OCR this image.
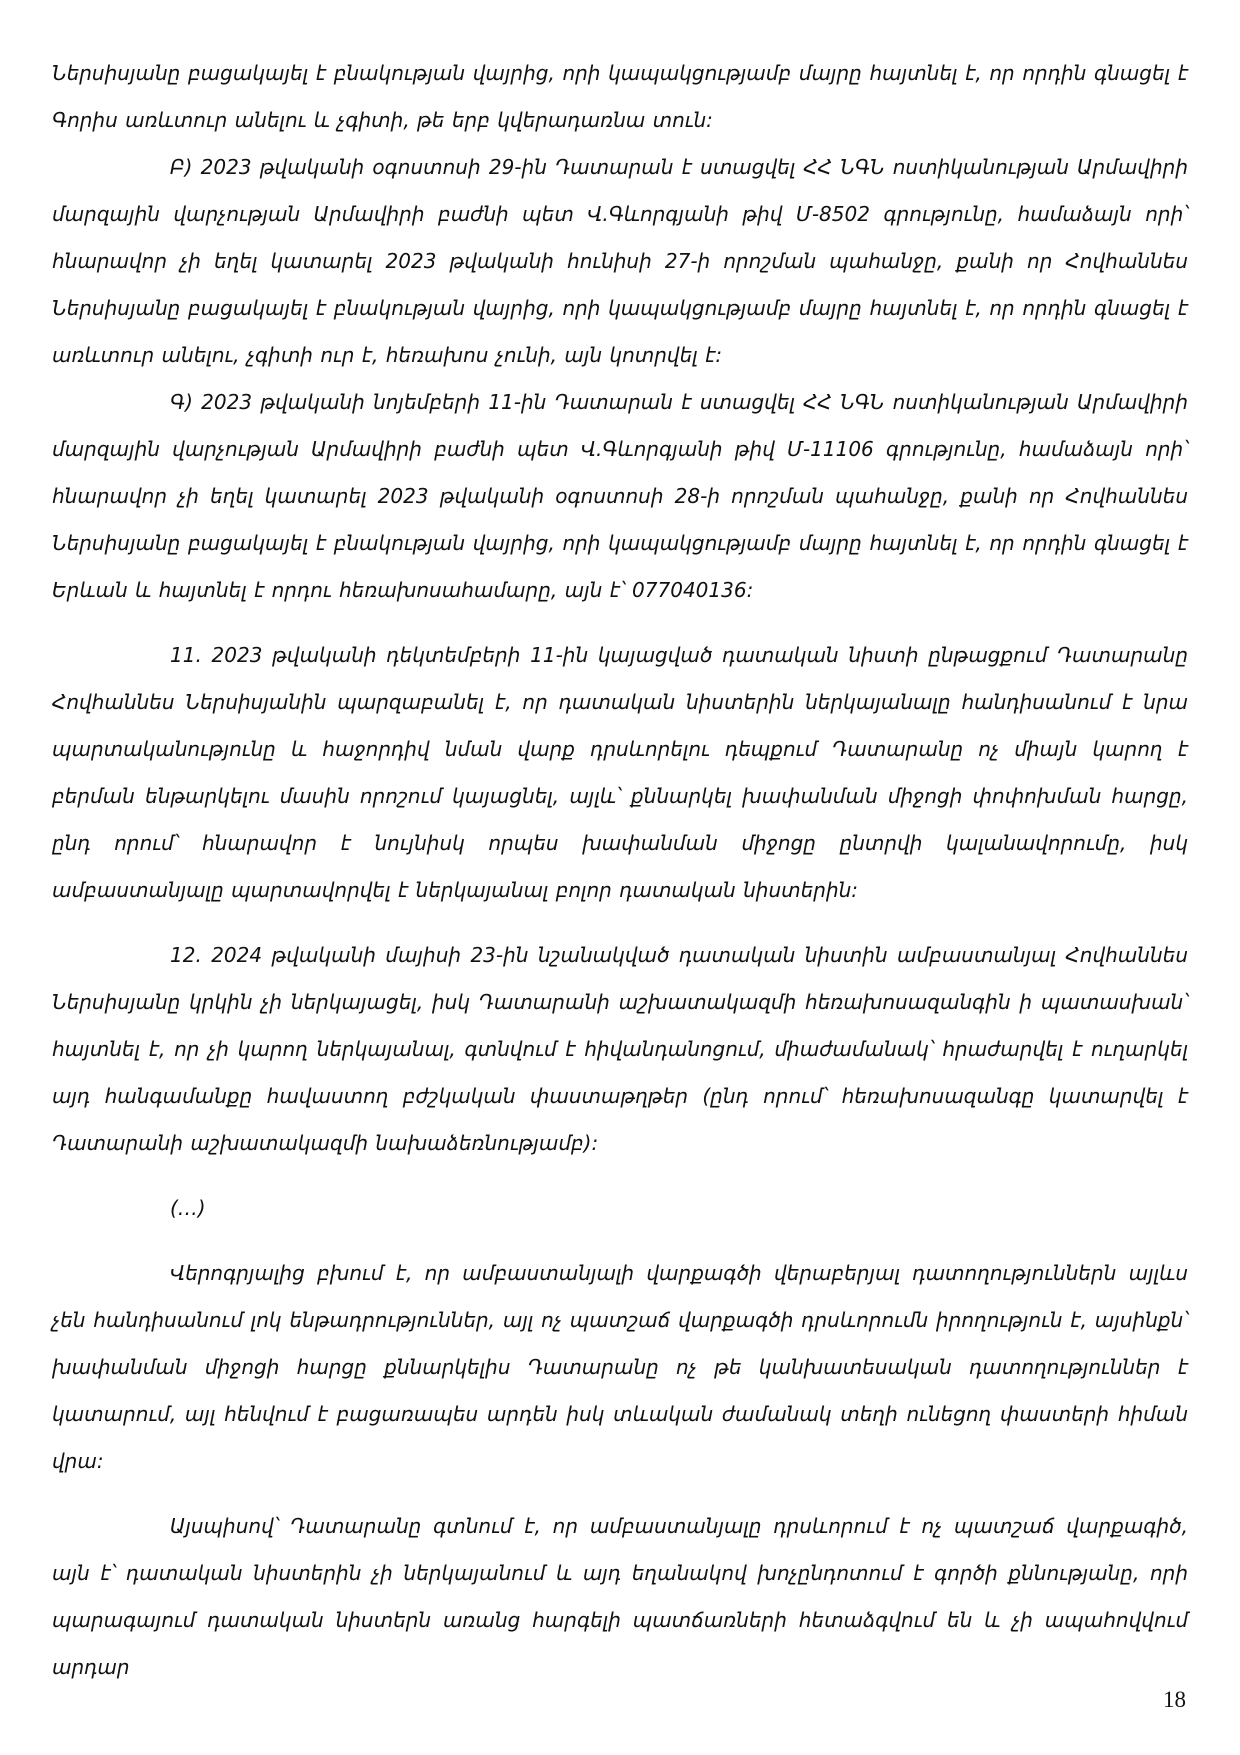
Ներսիսյանը բացակայել է բնակության վայրից, որի կապակցությամբ մայրը հայտնել է, որ որդին գնացել է Գորիս առևտուր անելու և չգիտի, թե երբ կվերադառնա տուն:

Բ) 2023 թվականի օգոստոսի 29-ին Դատարան է ստացվել ՀՀ ՆԳՆ ոստիկանության Արմավիրի մարզային վարչության Արմավիրի բաժնի պետ Վ.Գևորգյանի թիվ Մ-8502 գրությունը, համաձայն որի՝ հնարավոր չի եղել կատարել 2023 թվականի հունիսի 27-ի որոշման պահանջը, քանի որ Հովհաննես Ներսիսյանը բացակայել է բնակության վայրից, որի կապակցությամբ մայրը հայտնել է, որ որդին գնացել է առևտուր անելու, չգիտի ուր է, հեռախոս չունի, այն կոտրվել է:

Գ) 2023 թվականի նոյեմբերի 11-ին Դատարան է ստացվել ՀՀ ՆԳՆ ոստիկանության Արմավիրի մարզային վարչության Արմավիրի բաժնի պետ Վ.Գևորգյանի թիվ Մ-11106 գրությունը, համաձայն որի՝ հնարավոր չի եղել կատարել 2023 թվականի օգոստոսի 28-ի որոշման պահանջը, քանի որ Հովհաննես Ներսիսյանը բացակայել է բնակության վայրից, որի կապակցությամբ մայրը հայտնել է, որ որդին գնացել է Երևան և հայտնել է որդու հեռախոսահամարը, այն է՝ 077040136:

11. 2023 թվականի դեկտեմբերի 11-ին կայացված դատական նիստի ընթացքում Դատարանը Հովհաննես Ներսիսյանին պարզաբանել է, որ դատական նիստերին ներկայանալը հանդիսանում է նրա պարտականությունը և հաջորդիվ նման վարք դրսևորելու դեպքում Դատարանը ոչ միայն կարող է բերման ենթարկելու մասին որոշում կայացնել, այլև՝ քննարկել խափանման միջոցի փոփոխման հարցը, ընդ որում՝ հնարավոր է նույնիսկ որպես խափանման միջոցը ընտրվի կալանավորումը, իսկ ամբաստանյալը պարտավորվել է ներկայանալ բոլոր դատական նիստերին:

12. 2024 թվականի մայիսի 23-ին նշանակված դատական նիստին ամբաստանյալ Հովհաննես Ներսիսյանը կրկին չի ներկայացել, իսկ Դատարանի աշխատակազմի հեռախոսազանգին ի պատասխան՝ հայտնել է, որ չի կարող ներկայանալ, գտնվում է հիվանդանոցում, միաժամանակ՝ հրաժարվել է ուղարկել այդ հանգամանքը հավաստող բժշկական փաստաթղթեր (ընդ որում՝ հեռախոսազանգը կատարվել է Դատարանի աշխատակազմի նախաձեռնությամբ):

(…)

Վերոգրյալից բխում է, որ ամբաստանյալի վարքագծի վերաբերյալ դատողություններն այլևս չեն հանդիսանում լոկ ենթադրություններ, այլ ոչ պատշաճ վարքագծի դրսևորումն իրողություն է, այսինքն՝ խափանման միջոցի հարցը քննարկելիս Դատարանը ոչ թե կանխատեսական դատողություններ է կատարում, այլ հենվում է բացառապես արդեն իսկ տևական ժամանակ տեղի ունեցող փաստերի հիման վրա:

Այսպիսով՝ Դատարանը գտնում է, որ ամբաստանյալը դրսևորում է ոչ պատշաճ վարքագիծ, այն է՝ դատական նիստերին չի ներկայանում և այդ եղանակով խոչընդոտում է գործի քննությանը, որի պարագայում դատական նիստերն առանց հարգելի պատճառների հետաձգվում են և չի ապահովվում արդար

18
